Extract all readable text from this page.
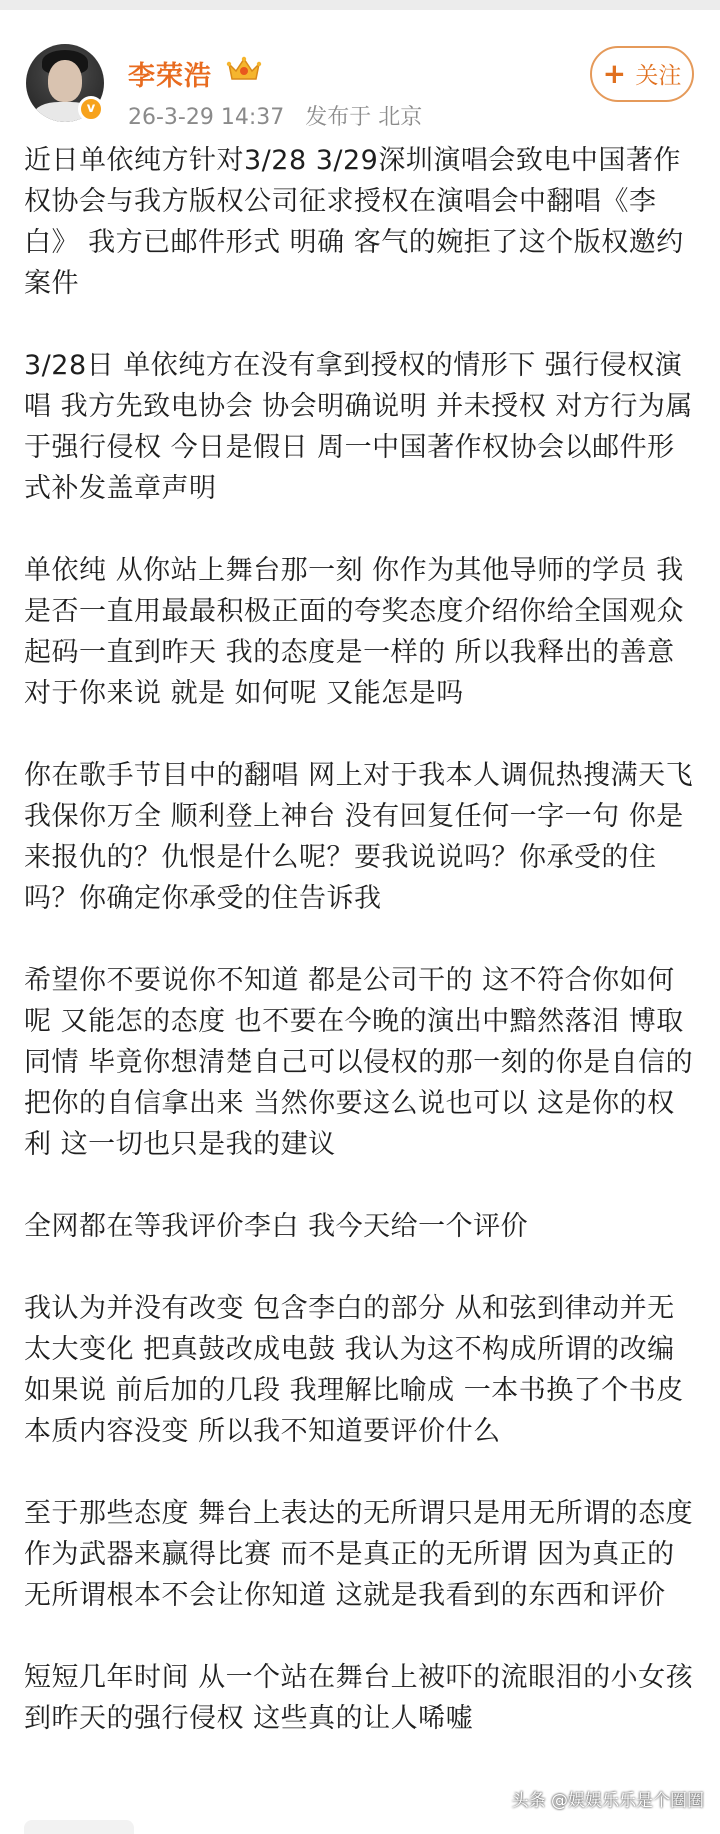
v
李荣浩
26-3-29 14:37 发布于 北京
+ 关注

近日单依纯方针对3/28 3/29深圳演唱会致电中国著作权协会与我方版权公司征求授权在演唱会中翻唱《李白》 我方已邮件形式 明确 客气的婉拒了这个版权邀约案件

3/28日 单依纯方在没有拿到授权的情形下 强行侵权演唱 我方先致电协会 协会明确说明 并未授权 对方行为属于强行侵权 今日是假日 周一中国著作权协会以邮件形式补发盖章声明

单依纯 从你站上舞台那一刻 你作为其他导师的学员 我是否一直用最最积极正面的夸奖态度介绍你给全国观众 起码一直到昨天 我的态度是一样的 所以我释出的善意对于你来说 就是 如何呢 又能怎是吗

你在歌手节目中的翻唱 网上对于我本人调侃热搜满天飞 我保你万全 顺利登上神台 没有回复任何一字一句 你是来报仇的？仇恨是什么呢？要我说说吗？你承受的住吗？你确定你承受的住告诉我

希望你不要说你不知道 都是公司干的 这不符合你如何呢 又能怎的态度 也不要在今晚的演出中黯然落泪 博取同情 毕竟你想清楚自己可以侵权的那一刻的你是自信的 把你的自信拿出来 当然你要这么说也可以 这是你的权利 这一切也只是我的建议

全网都在等我评价李白 我今天给一个评价

我认为并没有改变 包含李白的部分 从和弦到律动并无太大变化 把真鼓改成电鼓 我认为这不构成所谓的改编 如果说 前后加的几段 我理解比喻成 一本书换了个书皮 本质内容没变 所以我不知道要评价什么

至于那些态度 舞台上表达的无所谓只是用无所谓的态度作为武器来赢得比赛 而不是真正的无所谓 因为真正的无所谓根本不会让你知道 这就是我看到的东西和评价

短短几年时间 从一个站在舞台上被吓的流眼泪的小女孩 到昨天的强行侵权 这些真的让人唏嘘

头条 @娱娱乐乐是个圈圈
